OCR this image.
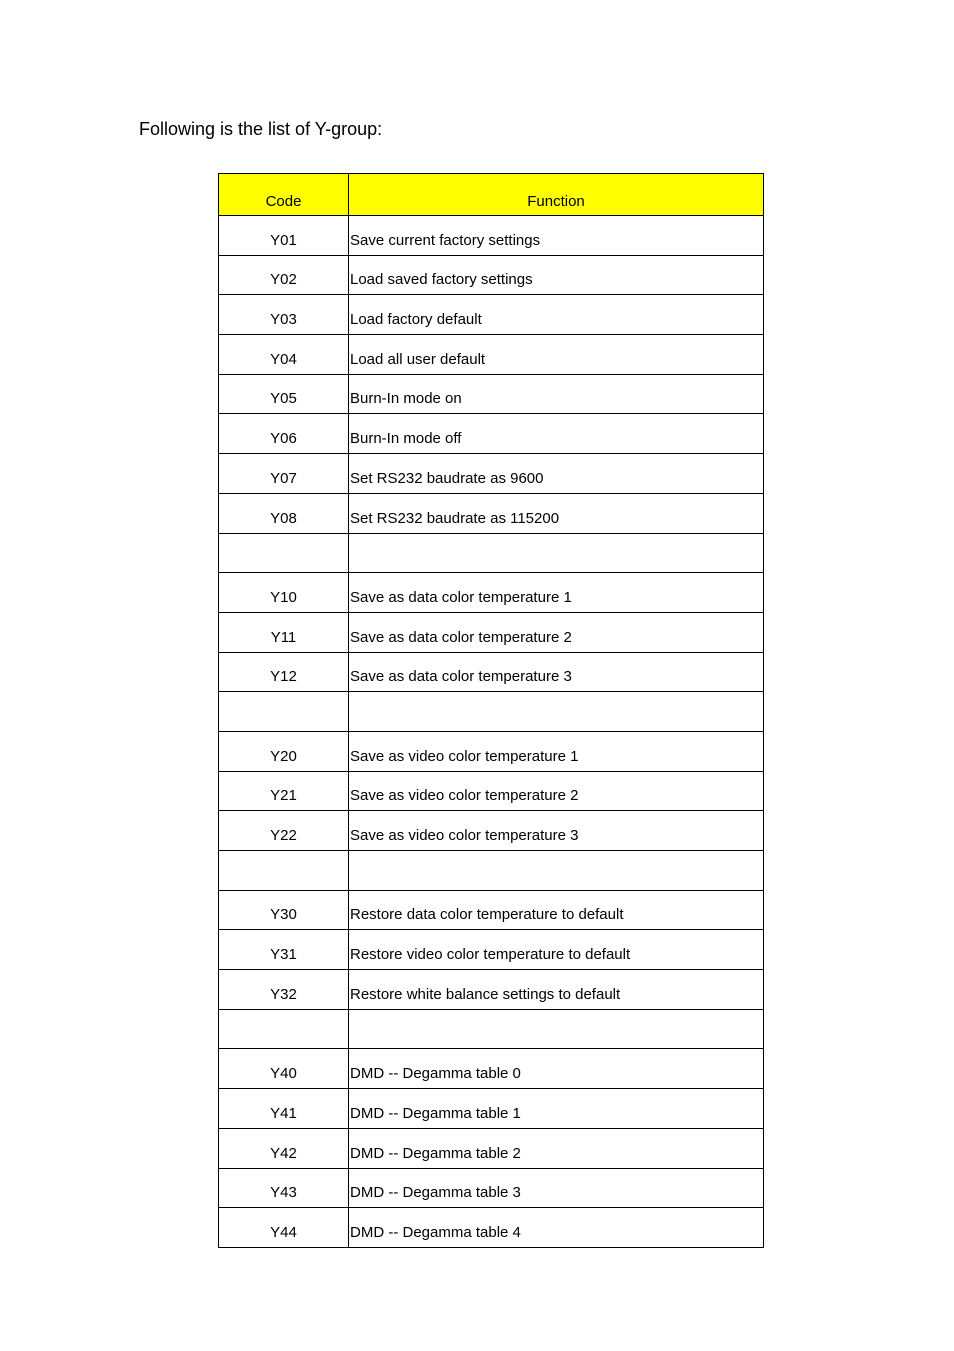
Following is the list of Y-group:

Code	Function
Y01	Save current factory settings
Y02	Load saved factory settings
Y03	Load factory default
Y04	Load all user default
Y05	Burn-In mode on
Y06	Burn-In mode off
Y07	Set RS232 baudrate as 9600
Y08	Set RS232 baudrate as 115200

Y10	Save as data color temperature 1
Y11	Save as data color temperature 2
Y12	Save as data color temperature 3

Y20	Save as video color temperature 1
Y21	Save as video color temperature 2
Y22	Save as video color temperature 3

Y30	Restore data color temperature to default
Y31	Restore video color temperature to default
Y32	Restore white balance settings to default

Y40	DMD -- Degamma table 0
Y41	DMD -- Degamma table 1
Y42	DMD -- Degamma table 2
Y43	DMD -- Degamma table 3
Y44	DMD -- Degamma table 4
